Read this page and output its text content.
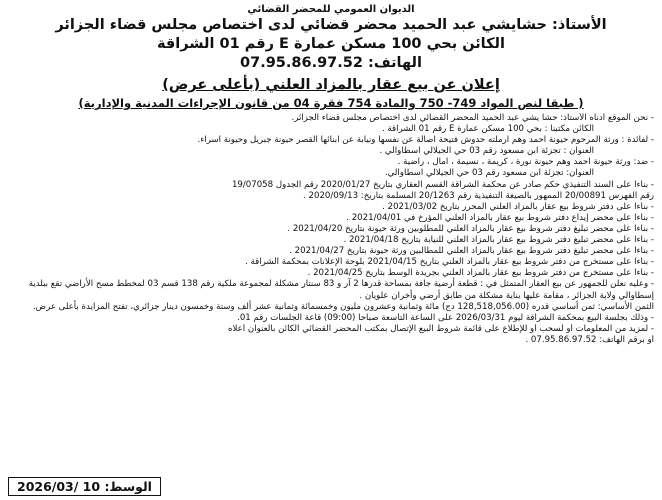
الديوان العمومي للمحضر القضائي
الأستاذ: حشايشي عبد الحميد محضر قضائي لدى اختصاص مجلس قضاء الجزائر
الكائن بحي 100 مسكن عمارة E رقم 01 الشراقة
الهاتف: 07.95.86.97.52
إعلان عن بيع عقار بالمزاد العلني (بأعلى عرض)
( طبقا لنص المواد 749- 750 والمادة 754 فقرة 04 من قانون الإجراءات المدنية والإدارية)
- نحن الموقع أدناه الأستاذ: حشا يشي عبد الحميد المحضر القضائي لدى اختصاص مجلس قضاء الجزائر.
الكائن مكتبنا : بحي 100 مسكن عمارة E رقم 01 الشراقة .
- لفائدة : ورثة المرحوم حيونة احمد وهم ارملته حدوش فتيحة اصالة عن نفسها ونيابة عن ابنائها القصر حيونة جبريل وحيونة اسراء.
العنوان : تجزئة ابن مسعود رقم 03 حي الجيلالي اسطاوالي .
- ضد: ورثة حيونة احمد وهم حيونة نورة ، كريمة ، نسيمة ، امال ، راضية .
العنوان: تجزئة ابن مسعود رقم 03 حي الجيلالي اسطاوالي.
- بناءا على السند التنفيذي حكم صادر عن محكمة الشراقة القسم العقاري بتاريخ 2020/01/27 رقم الجدول 19/07058
رقم الفهرس 20/00891 الممهور بالصيغة التنفيذية رقم 20/1263 المسلمة بتاريخ: 2020/09/13 .
- بناءا على دفتر شروط بيع عقار بالمزاد العلني المحرر بتاريخ 2021/03/02 .
- بناءا على محضر إيداع دفتر شروط بيع عقار بالمزاد العلني المؤرخ في 2021/04/01 .
- بناءا على محضر تبليغ دفتر شروط بيع عقار بالمزاد العلني للمطلوبين ورثة حيونة بتاريخ 2021/04/20 .
- بناءا على محضر تبليغ دفتر شروط بيع عقار بالمزاد العلني للنيابة بتاريخ 2021/04/18 .
- بناءا على محضر تبليغ دفتر شروط بيع عقار بالمزاد العلني للمطالبين ورثة حيونة بتاريخ 2021/04/27 .
- بناءا على مستخرج من دفتر شروط بيع عقار بالمزاد العلني بتاريخ 2021/04/15 بلوحة الإعلانات بمحكمة الشراقة .
- بناءا على مستخرج من دفتر شروط بيع عقار بالمزاد العلني بجريدة الوسط بتاريخ 2021/04/25 .
- وعليه نعلن للجمهور عن بيع العقار المتمثل في : قطعة أرضية جافة بمساحة قدرها 2 آر و 83 سنتار مشكلة لمجموعة ملكية رقم 138 قسم 03 لمخطط مسح الأراضي تقع ببلدية إسطاوالي ولاية الجزائر ، مقامة عليها بناية مشكلة من طابق أرضي وأخران علويان .
الثمن الأساسي: ثمن أساسي قدره (128,518,056.00 دج) مائة وثمانية وعشرون مليون وخمسمائة وثمانية عشر ألف وستة وخمسون دينار جزائري، تفتح المزايدة بأعلى عرض.
- وذلك بجلسة البيع بمحكمة الشراقة ليوم 2026/03/31 على الساعة التاسعة صباحا (09:00) قاعة الجلسات رقم 01.
- لمزيد من المعلومات أو لسحب أو للإطلاع على قائمة شروط البيع الإتصال بمكتب المحضر القضائي الكائن بالعنوان أعلاه
أو برقم الهاتف: 07.95.86.97.52 .
الوسط: 2026/03/ 10
